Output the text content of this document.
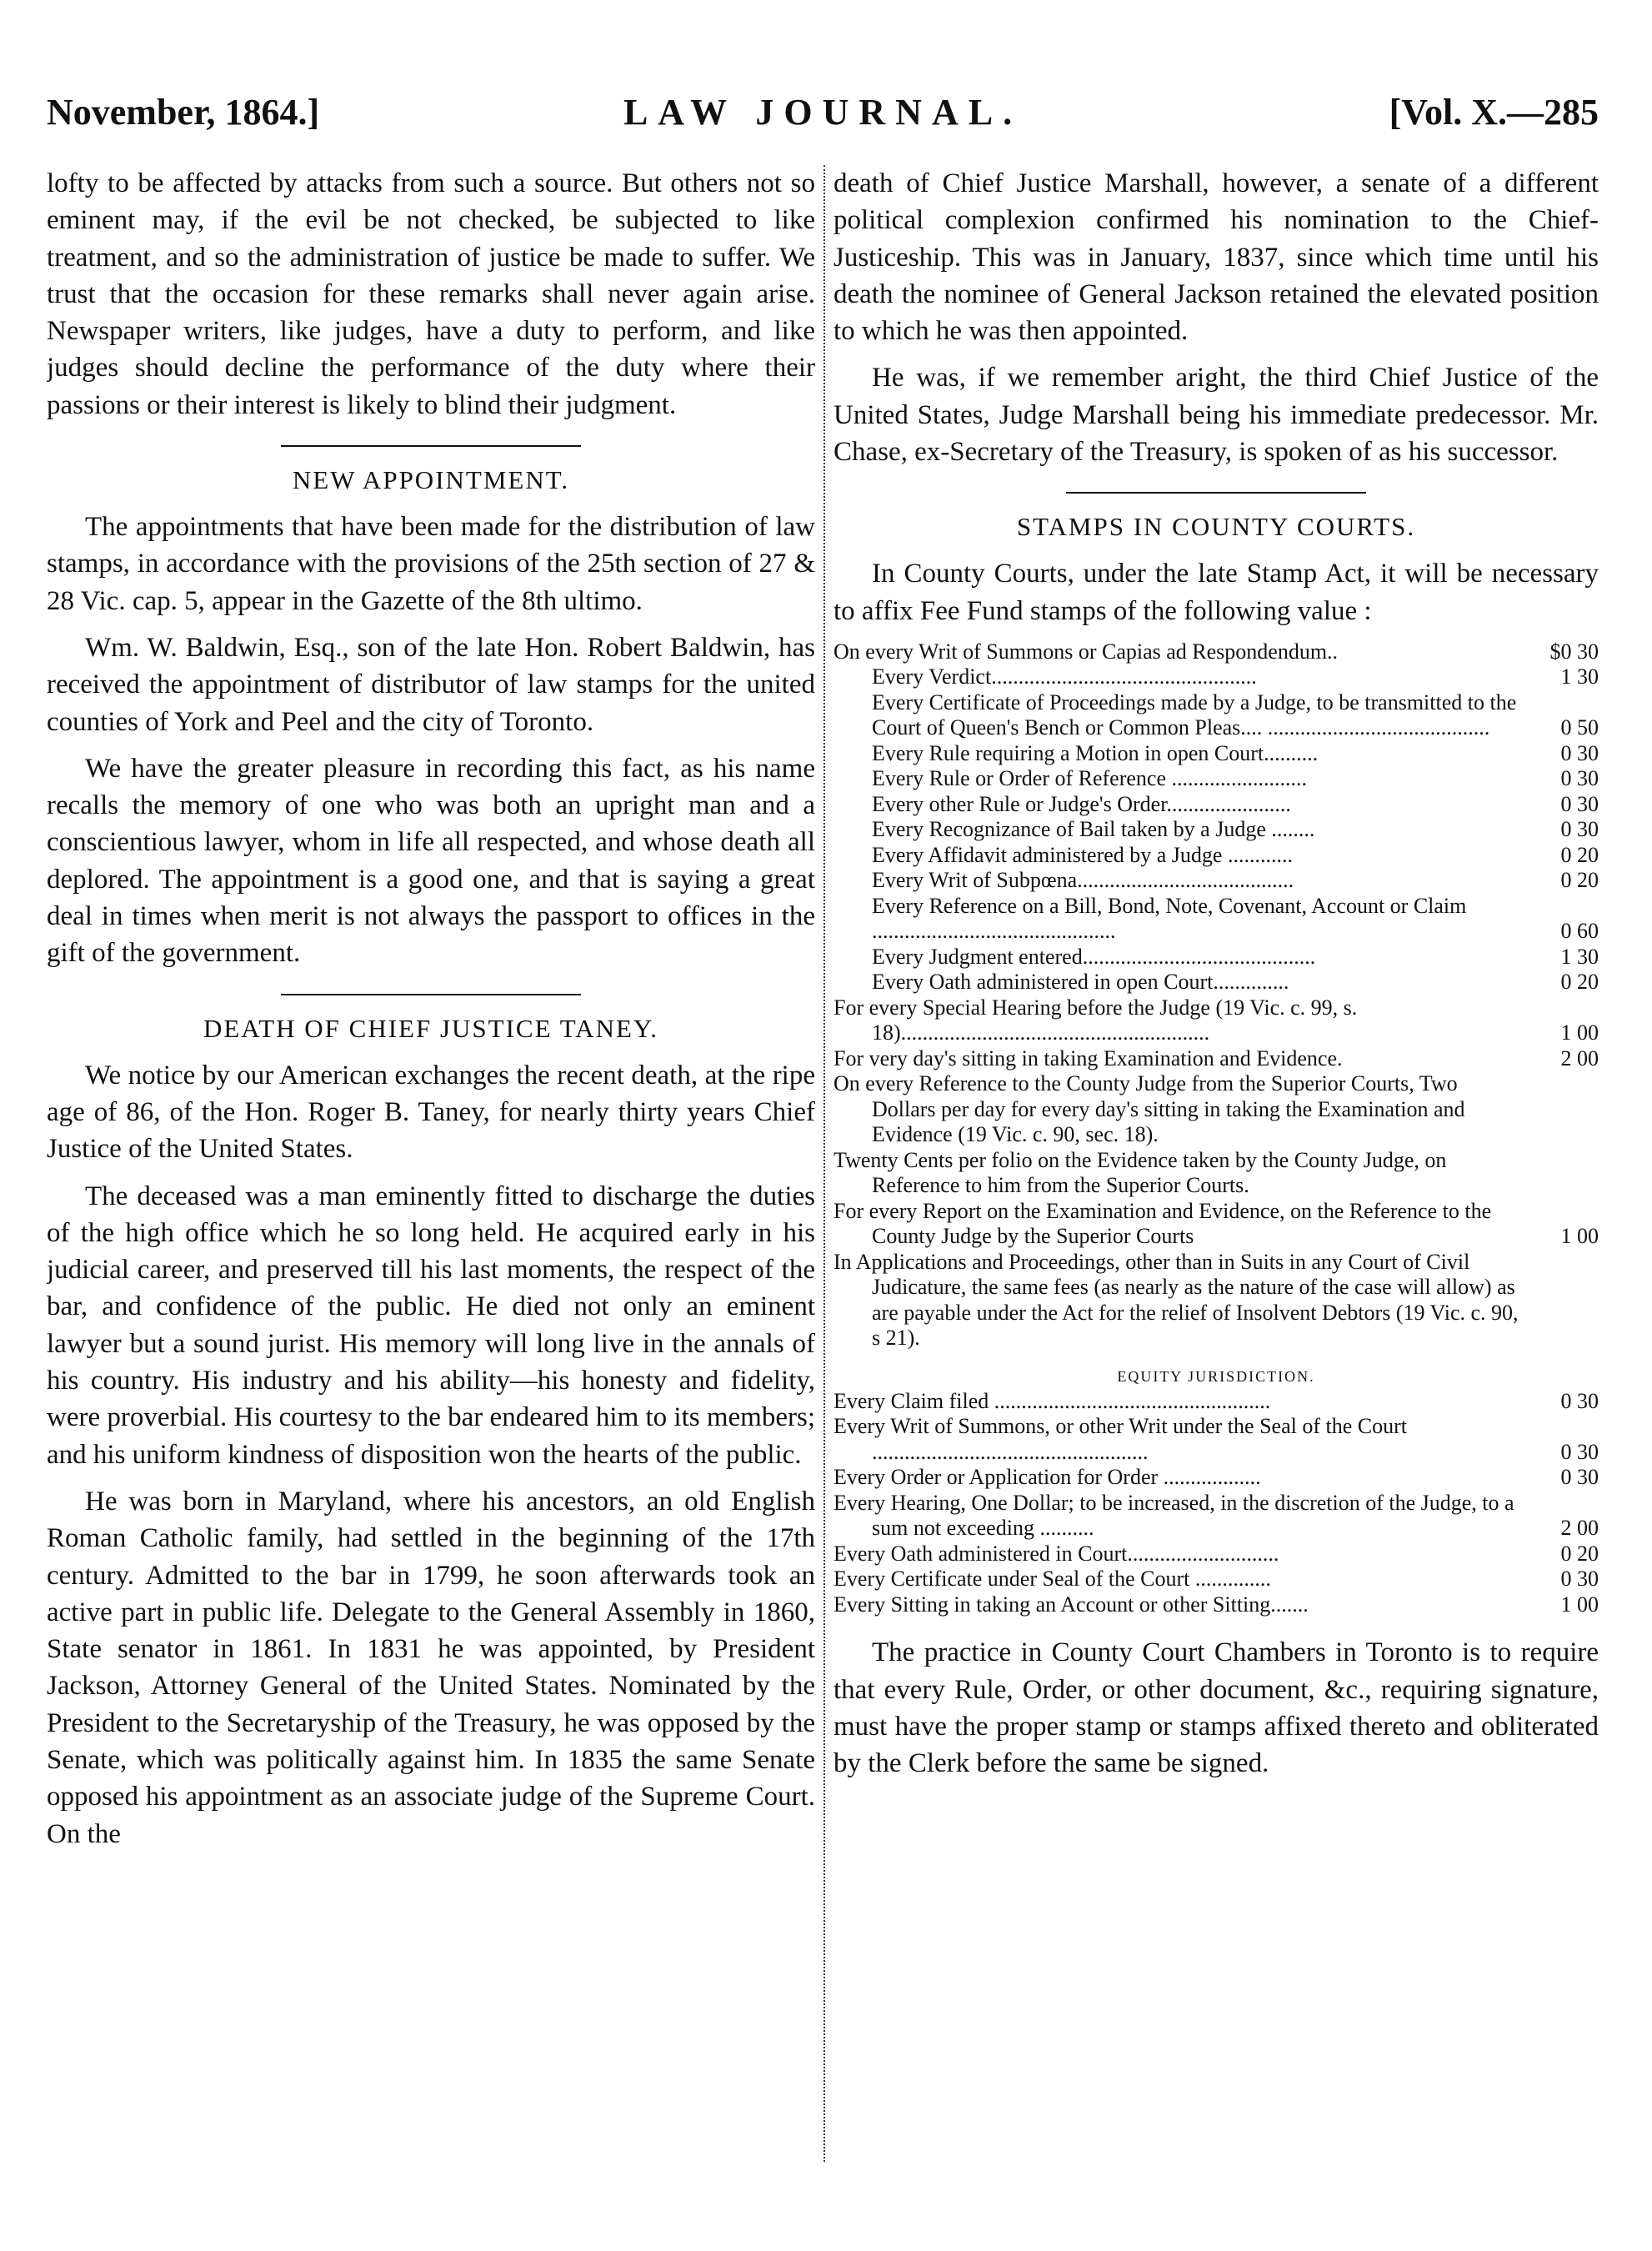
November, 1864.]	LAW JOURNAL.	[Vol. X.—285

lofty to be affected by attacks from such a source. But others not so eminent may, if the evil be not checked, be subjected to like treatment, and so the administration of justice be made to suffer. We trust that the occasion for these remarks shall never again arise. Newspaper writers, like judges, have a duty to perform, and like judges should decline the performance of the duty where their passions or their interest is likely to blind their judgment.

NEW APPOINTMENT.

The appointments that have been made for the distribution of law stamps, in accordance with the provisions of the 25th section of 27 & 28 Vic. cap. 5, appear in the Gazette of the 8th ultimo.

Wm. W. Baldwin, Esq., son of the late Hon. Robert Baldwin, has received the appointment of distributor of law stamps for the united counties of York and Peel and the city of Toronto.

We have the greater pleasure in recording this fact, as his name recalls the memory of one who was both an upright man and a conscientious lawyer, whom in life all respected, and whose death all deplored. The appointment is a good one, and that is saying a great deal in times when merit is not always the passport to offices in the gift of the government.

DEATH OF CHIEF JUSTICE TANEY.

We notice by our American exchanges the recent death, at the ripe age of 86, of the Hon. Roger B. Taney, for nearly thirty years Chief Justice of the United States.

The deceased was a man eminently fitted to discharge the duties of the high office which he so long held. He acquired early in his judicial career, and preserved till his last moments, the respect of the bar, and confidence of the public. He died not only an eminent lawyer but a sound jurist. His memory will long live in the annals of his country. His industry and his ability—his honesty and fidelity, were proverbial. His courtesy to the bar endeared him to its members; and his uniform kindness of disposition won the hearts of the public.

He was born in Maryland, where his ancestors, an old English Roman Catholic family, had settled in the beginning of the 17th century. Admitted to the bar in 1799, he soon afterwards took an active part in public life. Delegate to the General Assembly in 1860, State senator in 1861. In 1831 he was appointed, by President Jackson, Attorney General of the United States. Nominated by the President to the Secretaryship of the Treasury, he was opposed by the Senate, which was politically against him. In 1835 the same Senate opposed his appointment as an associate judge of the Supreme Court. On the

death of Chief Justice Marshall, however, a senate of a different political complexion confirmed his nomination to the Chief-Justiceship. This was in January, 1837, since which time until his death the nominee of General Jackson retained the elevated position to which he was then appointed.

He was, if we remember aright, the third Chief Justice of the United States, Judge Marshall being his immediate predecessor. Mr. Chase, ex-Secretary of the Treasury, is spoken of as his successor.

STAMPS IN COUNTY COURTS.

In County Courts, under the late Stamp Act, it will be necessary to affix Fee Fund stamps of the following value :

On every Writ of Summons or Capias ad Respondendum..	$0 30
Every Verdict.................................................	1 30
Every Certificate of Proceedings made by a Judge, to be transmitted to the Court of Queen's Bench or Common Pleas.... .........................................	0 50
Every Rule requiring a Motion in open Court..........	0 30
Every Rule or Order of Reference .........................	0 30
Every other Rule or Judge's Order.......................	0 30
Every Recognizance of Bail taken by a Judge ........	0 30
Every Affidavit administered by a Judge ............	0 20
Every Writ of Subpœna........................................	0 20
Every Reference on a Bill, Bond, Note, Covenant, Account or Claim .............................................	0 60
Every Judgment entered...........................................	1 30
Every Oath administered in open Court..............	0 20
For every Special Hearing before the Judge (19 Vic. c. 99, s. 18).........................................................	1 00
For very day's sitting in taking Examination and Evidence.	2 00
On every Reference to the County Judge from the Superior Courts, Two Dollars per day for every day's sitting in taking the Examination and Evidence (19 Vic. c. 90, sec. 18).
Twenty Cents per folio on the Evidence taken by the County Judge, on Reference to him from the Superior Courts.
For every Report on the Examination and Evidence, on the Reference to the County Judge by the Superior Courts	1 00
In Applications and Proceedings, other than in Suits in any Court of Civil Judicature, the same fees (as nearly as the nature of the case will allow) as are payable under the Act for the relief of Insolvent Debtors (19 Vic. c. 90, s 21).
EQUITY JURISDICTION.
Every Claim filed ...................................................	0 30
Every Writ of Summons, or other Writ under the Seal of the Court ...................................................	0 30
Every Order or Application for Order ..................	0 30
Every Hearing, One Dollar; to be increased, in the discretion of the Judge, to a sum not exceeding ..........	2 00
Every Oath administered in Court............................	0 20
Every Certificate under Seal of the Court ..............	0 30
Every Sitting in taking an Account or other Sitting.......	1 00

The practice in County Court Chambers in Toronto is to require that every Rule, Order, or other document, &c., requiring signature, must have the proper stamp or stamps affixed thereto and obliterated by the Clerk before the same be signed.
